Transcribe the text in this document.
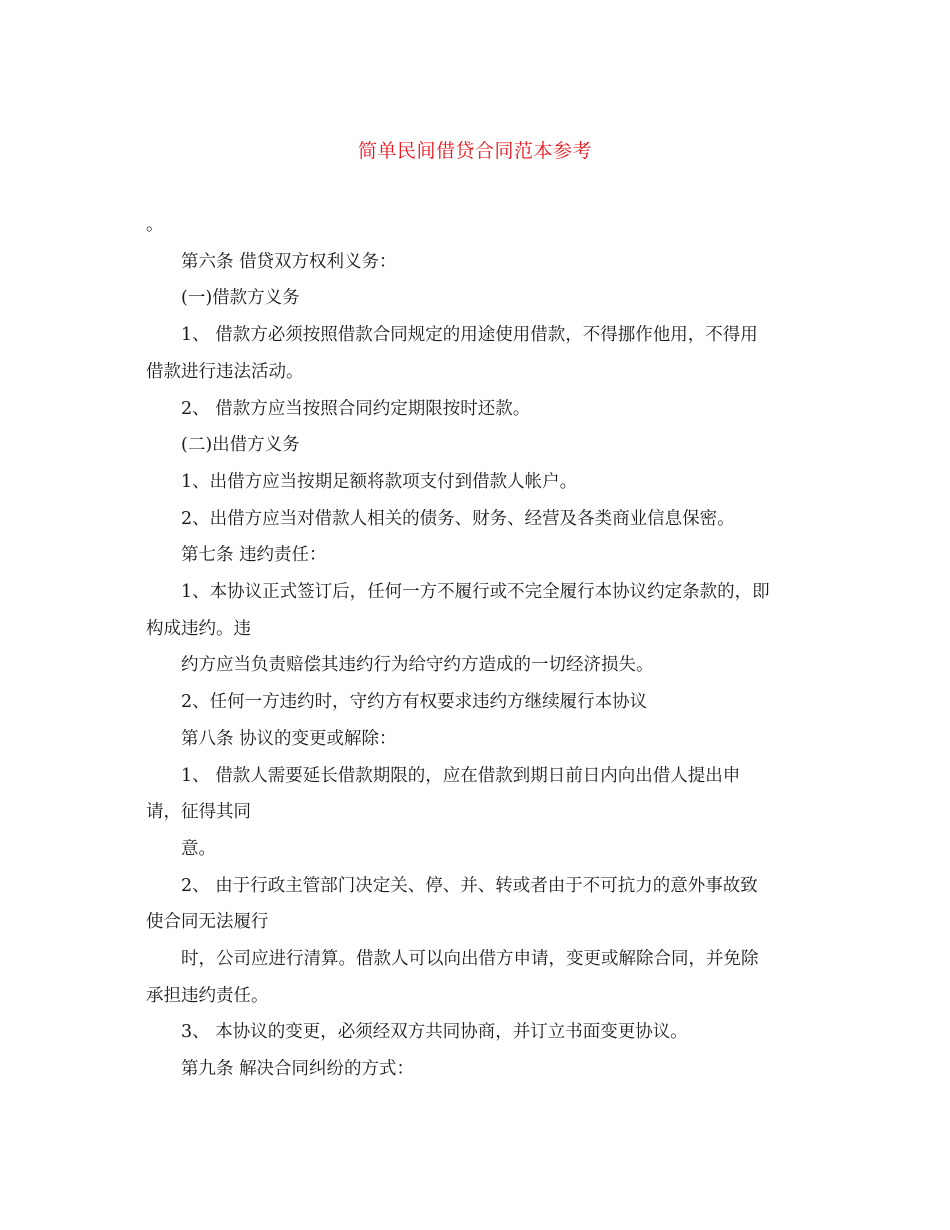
简单民间借贷合同范本参考

。

第六条 借贷双方权利义务：

(一)借款方义务

1、 借款方必须按照借款合同规定的用途使用借款，不得挪作他用，不得用

借款进行违法活动。

2、 借款方应当按照合同约定期限按时还款。

(二)出借方义务

1、出借方应当按期足额将款项支付到借款人帐户。

2、出借方应当对借款人相关的债务、财务、经营及各类商业信息保密。

第七条 违约责任：

1、本协议正式签订后，任何一方不履行或不完全履行本协议约定条款的，即

构成违约。违

约方应当负责赔偿其违约行为给守约方造成的一切经济损失。

2、任何一方违约时，守约方有权要求违约方继续履行本协议

第八条 协议的变更或解除：

1、 借款人需要延长借款期限的，应在借款到期日前日内向出借人提出申

请，征得其同

意。

2、 由于行政主管部门决定关、停、并、转或者由于不可抗力的意外事故致

使合同无法履行

时，公司应进行清算。借款人可以向出借方申请，变更或解除合同，并免除

承担违约责任。

3、 本协议的变更，必须经双方共同协商，并订立书面变更协议。

第九条 解决合同纠纷的方式：
